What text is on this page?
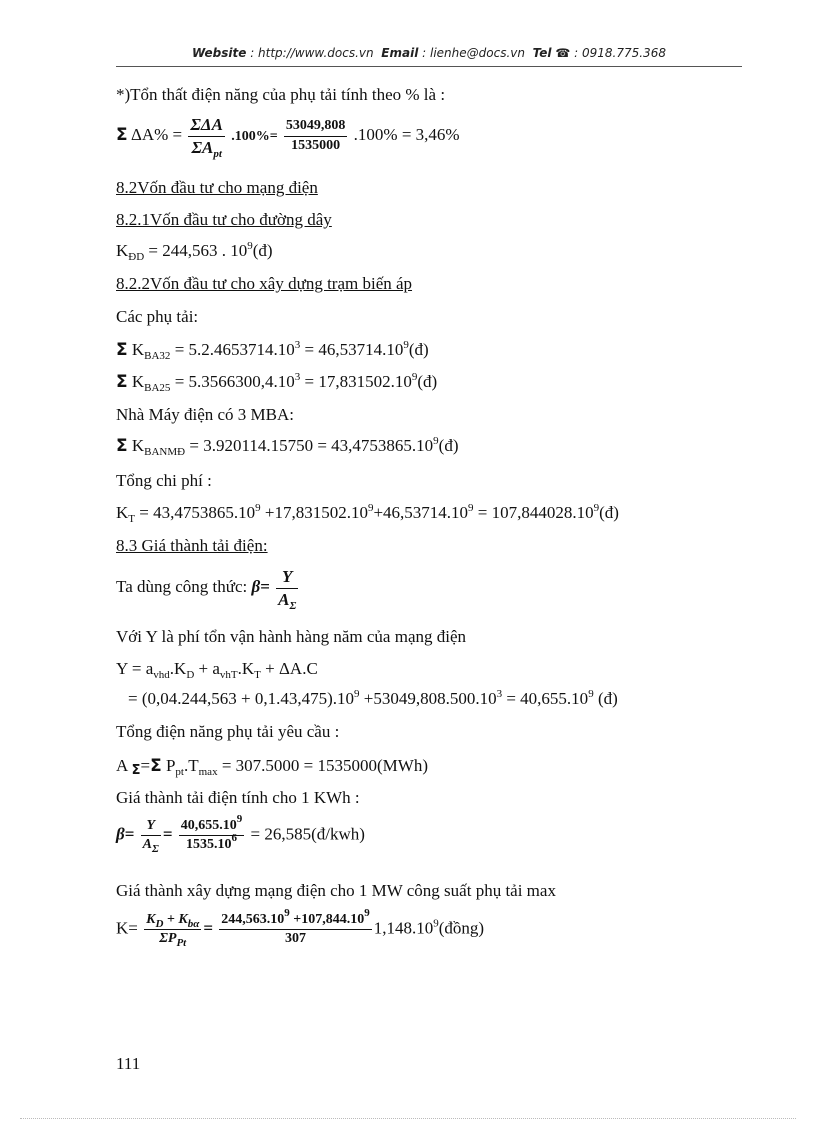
Website : http://www.docs.vn Email : lienhe@docs.vn Tel ☎ : 0918.775.368
*)Tổn thất điện năng của phụ tải tính theo % là :
Σ $\Delta A\% = \frac{\text{ΣΔA}}{\Sigma A_{pt}} .100\%= \frac{53049,808}{1535000} .100\% = 3,46\%$
8.2Vốn đầu tư cho mạng điện
8.2.1Vốn đầu tư cho đường dây
$K_{ĐD} = 244,563$ . $10^9(đ)$
8.2.2Vốn đầu tư cho xây dựng trạm biến áp
Các phụ tải:
Σ $K_{BA32} = 5.2.4653714.10^3$ = $46,53714.10^9(đ)$
Σ $K_{BA25} = 5.3566300,4.10^3$ = $17,831502.10^9(đ)$
Nhà Máy điện có 3 MBA:
Σ $K_{BANMĐ} = 3.920114.15750$ = $43,4753865.10^9(đ)$
Tổng chi phí :
$K_T = 43,4753865.10^9 +17,831502.10^9+46,53714.10^9$ = $107,844028.10^9(đ)$
8.3 Giá thành tải điện:
Ta dùng công thức: $\beta= \frac{Y}{A_\Sigma}$
Với Y là phí tổn vận hành hàng năm của mạng điện
$Y = a_{vhd}.K_D + a_{vhT}.K_T + \Delta A.C$
= $(0,04.244,563 + 0,1.43,475).10^9 +53049,808.500.10^3 = 40,655.10^9$ (đ)
Tổng điện năng phụ tải yêu cầu :
A Σ=Σ $P_{pt}.T_{max} = 307.5000 = 1535000(MWh)$
Giá thành tải điện tính cho 1 KWh :
$\beta= \frac{Y}{A_\Sigma} = \frac{40,655.10^9}{1535.10^6}$ = 26,585(đ/kwh)
Giá thành xây dựng mạng điện cho 1 MW công suất phụ tải max
$K= \frac{K_D + K_{b\alpha}}{\Sigma P_{Pt}} = \frac{244,563.10^9 +107,844.10^9}{307}$ 1,148.10$^9$(đồng)
111
